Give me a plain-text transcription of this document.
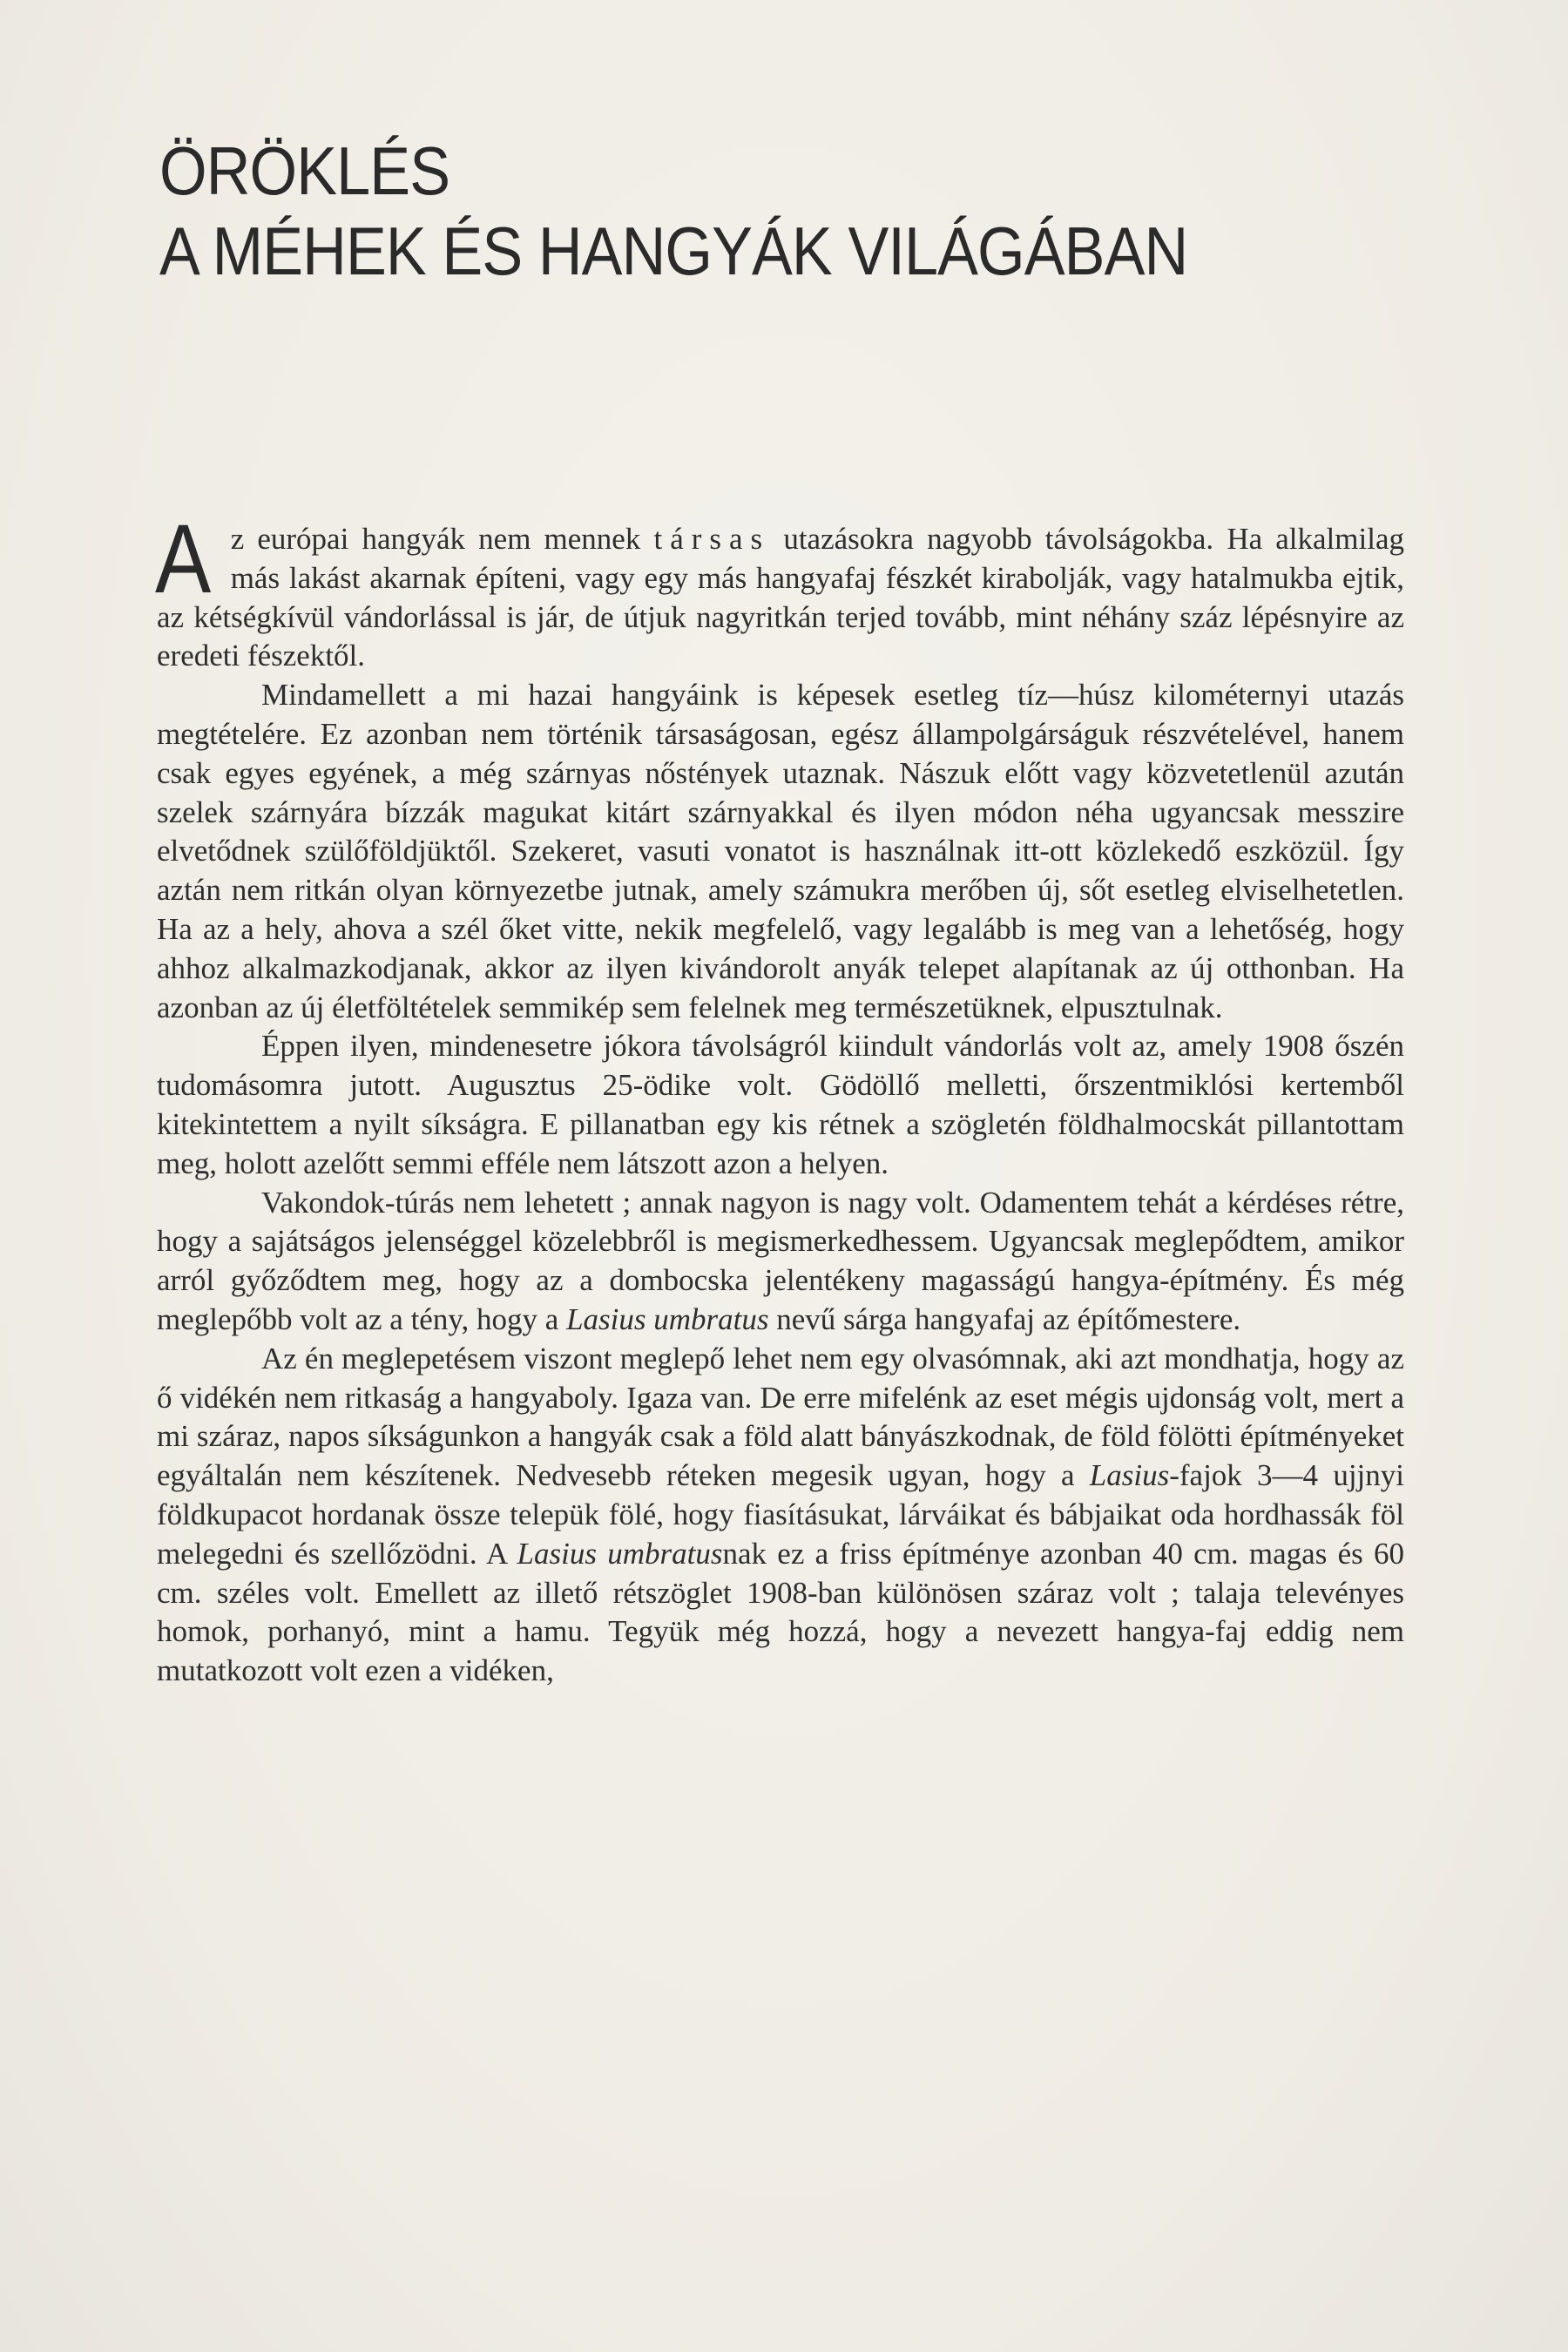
ÖRÖKLÉS
A MÉHEK ÉS HANGYÁK VILÁGÁBAN

Az európai hangyák nem mennek társas utazásokra nagyobb távolságokba. Ha alkalmilag más lakást akarnak építeni, vagy egy más hangyafaj fészkét kirabolják, vagy hatalmukba ejtik, az kétségkívül vándorlással is jár, de útjuk nagyritkán terjed tovább, mint néhány száz lépésnyire az eredeti fészektől.

Mindamellett a mi hazai hangyáink is képesek esetleg tíz—húsz kilométernyi utazás megtételére. Ez azonban nem történik társaságosan, egész állampolgárságuk részvételével, hanem csak egyes egyének, a még szárnyas nőstények utaznak. Nászuk előtt vagy közvetetlenül azután szelek szárnyára bízzák magukat kitárt szárnyakkal és ilyen módon néha ugyancsak messzire elvetődnek szülőföldjüktől. Szekeret, vasuti vonatot is használnak itt-ott közlekedő eszközül. Így aztán nem ritkán olyan környezetbe jutnak, amely számukra merőben új, sőt esetleg elviselhetetlen. Ha az a hely, ahova a szél őket vitte, nekik megfelelő, vagy legalább is meg van a lehetőség, hogy ahhoz alkalmazkodjanak, akkor az ilyen kivándorolt anyák telepet alapítanak az új otthonban. Ha azonban az új életföltételek semmikép sem felelnek meg természetüknek, elpusztulnak.

Éppen ilyen, mindenesetre jókora távolságról kiindult vándorlás volt az, amely 1908 őszén tudomásomra jutott. Augusztus 25-ödike volt. Gödöllő melletti, őrszentmiklósi kertemből kitekintettem a nyilt síkságra. E pillanatban egy kis rétnek a szögletén földhalmocskát pillantottam meg, holott azelőtt semmi efféle nem látszott azon a helyen.

Vakondok-túrás nem lehetett ; annak nagyon is nagy volt. Odamentem tehát a kérdéses rétre, hogy a sajátságos jelenséggel közelebbről is megismerkedhessem. Ugyancsak meglepődtem, amikor arról győződtem meg, hogy az a dombocska jelentékeny magasságú hangya-építmény. És még meglepőbb volt az a tény, hogy a Lasius umbratus nevű sárga hangyafaj az építőmestere.

Az én meglepetésem viszont meglepő lehet nem egy olvasómnak, aki azt mondhatja, hogy az ő vidékén nem ritkaság a hangyaboly. Igaza van. De erre mifelénk az eset mégis ujdonság volt, mert a mi száraz, napos síkságunkon a hangyák csak a föld alatt bányászkodnak, de föld fölötti építményeket egyáltalán nem készítenek. Nedvesebb réteken megesik ugyan, hogy a Lasius-fajok 3—4 ujjnyi földkupacot hordanak össze telepük fölé, hogy fiasításukat, lárváikat és bábjaikat oda hordhassák föl melegedni és szellőzödni. A Lasius umbratusnak ez a friss építménye azonban 40 cm. magas és 60 cm. széles volt. Emellett az illető rétszöglet 1908-ban különösen száraz volt ; talaja televényes homok, porhanyó, mint a hamu. Tegyük még hozzá, hogy a nevezett hangya-faj eddig nem mutatkozott volt ezen a vidéken,
